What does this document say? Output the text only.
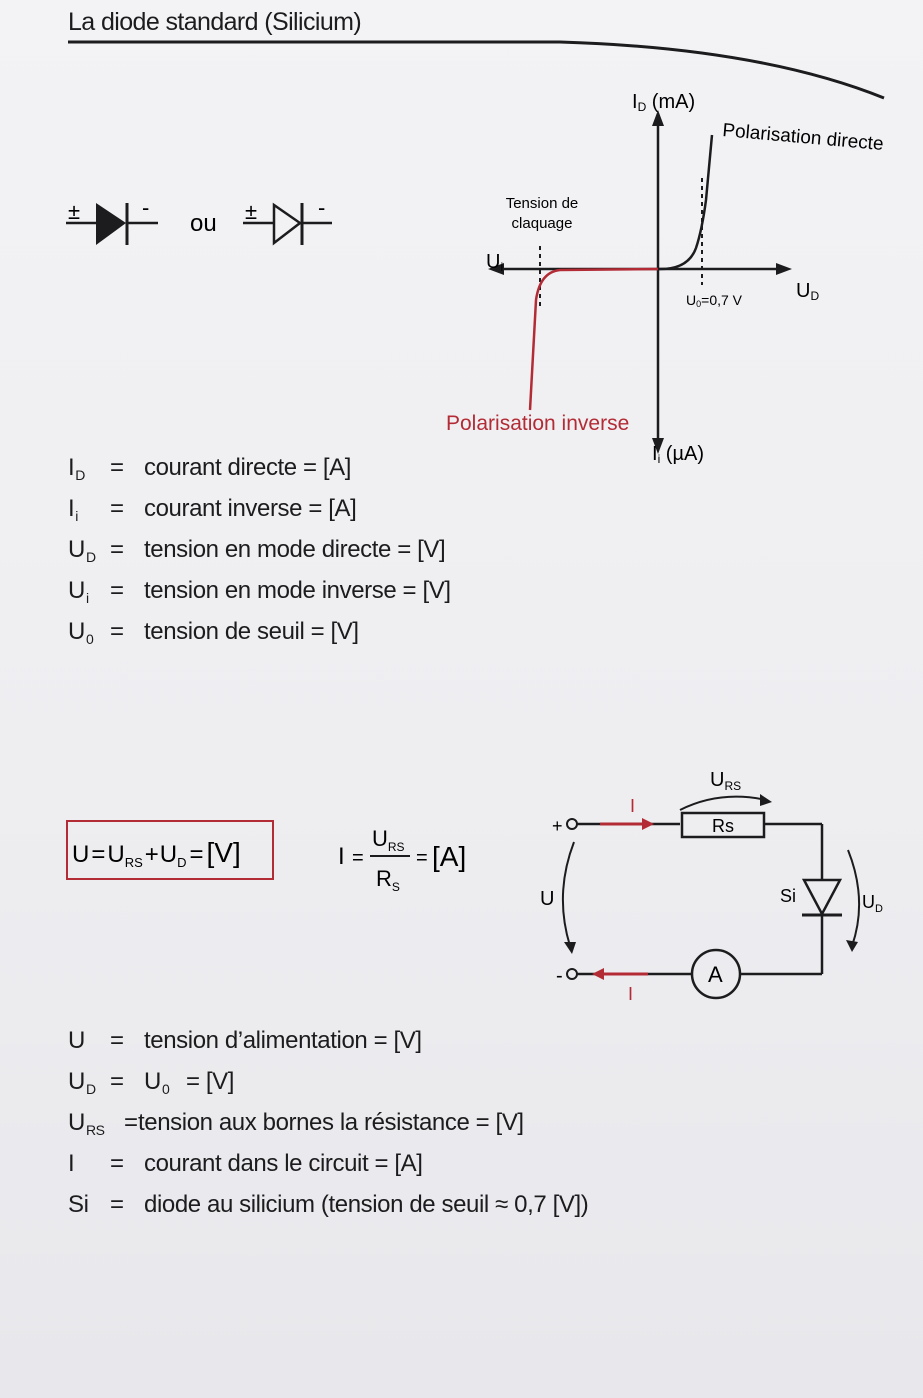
La diode standard (Silicium)
±	-
ou ±	-
ID (mA)
Ii (µA)
UD
Ui
U0=0,7 V
Tension de
claquage
Polarisation directe
Polarisation inverse
$I_D$ = courant directe = [A]
$I_i$ = courant inverse = [A]
$U_D$ = tension en mode directe = [V]
$U_i$ = tension en mode inverse = [V]
$U_0$ = tension de seuil = [V]
$U=U_{RS}+U_D = [V]$	I =
$U_{RS}$
$R_S$
= [A]
$U_{RS}$
+
I
Rs
Si	$U_D$
A
I
-
U
U = tension d’alimentation = [V]
$U_D = U_0 = [V]$
$U_{RS}$ = tension aux bornes la résistance = [V]
I = courant dans le circuit = [A]
Si = diode au silicium (tension de seuil ≈ 0,7 [V])
